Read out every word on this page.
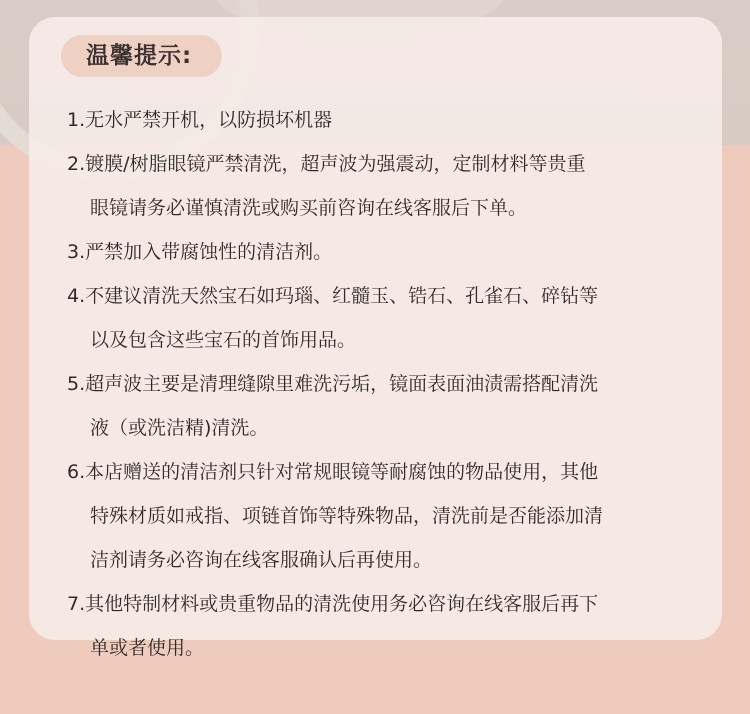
温馨提示:
1.无水严禁开机，以防损坏机器
2.镀膜/树脂眼镜严禁清洗，超声波为强震动，定制材料等贵重
眼镜请务必谨慎清洗或购买前咨询在线客服后下单。
3.严禁加入带腐蚀性的清洁剂。
4.不建议清洗天然宝石如玛瑙、红髓玉、锆石、孔雀石、碎钻等
以及包含这些宝石的首饰用品。
5.超声波主要是清理缝隙里难洗污垢，镜面表面油渍需搭配清洗
液（或洗洁精)清洗。
6.本店赠送的清洁剂只针对常规眼镜等耐腐蚀的物品使用，其他
特殊材质如戒指、项链首饰等特殊物品，清洗前是否能添加清
洁剂请务必咨询在线客服确认后再使用。
7.其他特制材料或贵重物品的清洗使用务必咨询在线客服后再下
单或者使用。
